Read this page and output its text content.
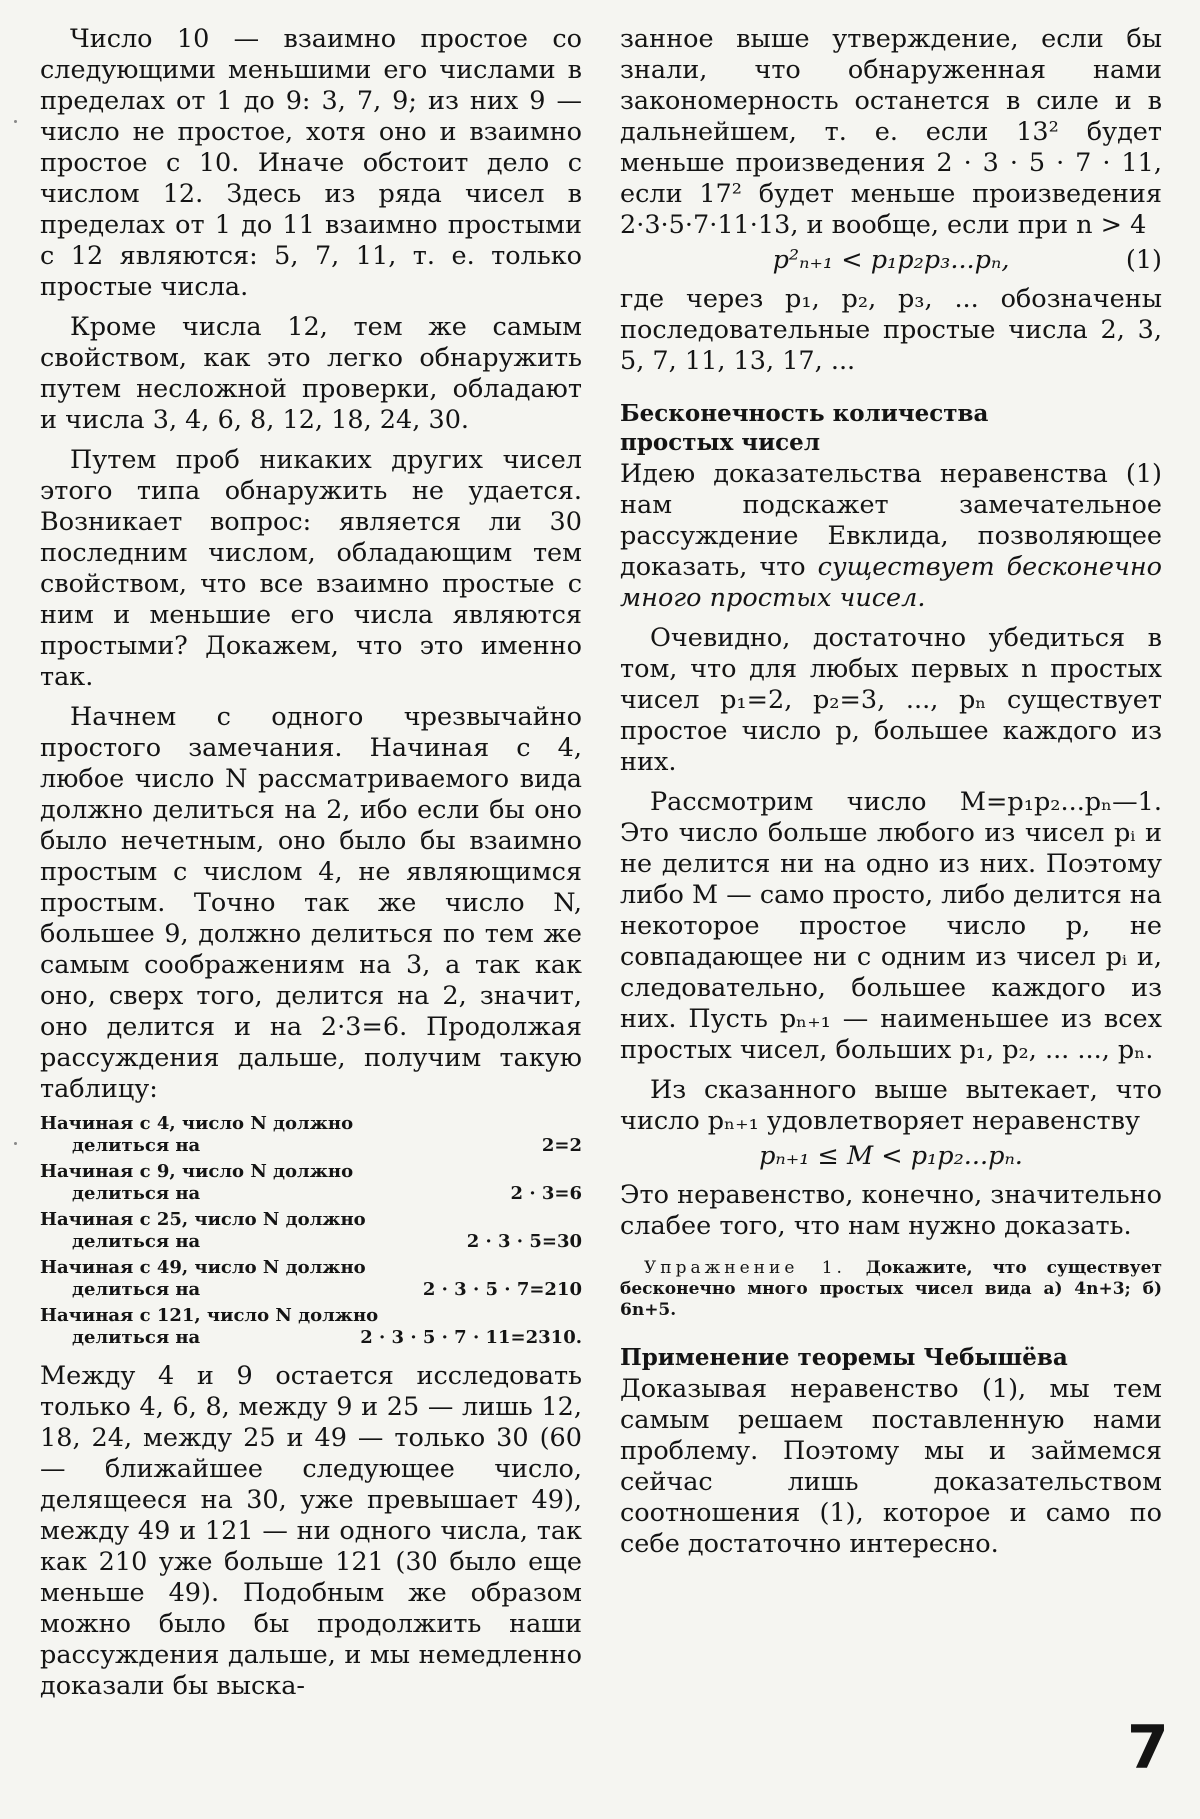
Число 10 — взаимно простое со следующими меньшими его числами в пределах от 1 до 9: 3, 7, 9; из них 9 — число не простое, хотя оно и взаимно простое с 10. Иначе обстоит дело с числом 12. Здесь из ряда чисел в пределах от 1 до 11 взаимно простыми с 12 являются: 5, 7, 11, т. е. только простые числа.

Кроме числа 12, тем же самым свойством, как это легко обнаружить путем несложной проверки, обладают и числа 3, 4, 6, 8, 12, 18, 24, 30.

Путем проб никаких других чисел этого типа обнаружить не удается. Возникает вопрос: является ли 30 последним числом, обладающим тем свойством, что все взаимно простые с ним и меньшие его числа являются простыми? Докажем, что это именно так.

Начнем с одного чрезвычайно простого замечания. Начиная с 4, любое число N рассматриваемого вида должно делиться на 2, ибо если бы оно было нечетным, оно было бы взаимно простым с числом 4, не являющимся простым. Точно так же число N, большее 9, должно делиться по тем же самым соображениям на 3, а так как оно, сверх того, делится на 2, значит, оно делится и на 2·3=6. Продолжая рассуждения дальше, получим такую таблицу:

Начиная с 4, число N должно
делиться на	2=2
Начиная с 9, число N должно
делиться на	2 · 3=6
Начиная с 25, число N должно
делиться на	2 · 3 · 5=30
Начиная с 49, число N должно
делиться на	2 · 3 · 5 · 7=210
Начиная с 121, число N должно
делиться на	2 · 3 · 5 · 7 · 11=2310.

Между 4 и 9 остается исследовать только 4, 6, 8, между 9 и 25 — лишь 12, 18, 24, между 25 и 49 — только 30 (60 — ближайшее следующее число, делящееся на 30, уже превышает 49), между 49 и 121 — ни одного числа, так как 210 уже больше 121 (30 было еще меньше 49). Подобным же образом можно было бы продолжить наши рассуждения дальше, и мы немедленно доказали бы выска-

занное выше утверждение, если бы знали, что обнаруженная нами закономерность останется в силе и в дальнейшем, т. е. если 13² будет меньше произведения 2 · 3 · 5 · 7 · 11, если 17² будет меньше произведения 2·3·5·7·11·13, и вообще, если при n > 4

p²ₙ₊₁ < p₁p₂p₃...pₙ,	(1)

где через p₁, p₂, p₃, ... обозначены последовательные простые числа 2, 3, 5, 7, 11, 13, 17, ...

Бесконечность количества
простых чисел

Идею доказательства неравенства (1) нам подскажет замечательное рассуждение Евклида, позволяющее доказать, что существует бесконечно много простых чисел.

Очевидно, достаточно убедиться в том, что для любых первых n простых чисел p₁=2, p₂=3, ..., pₙ существует простое число p, большее каждого из них.

Рассмотрим число M=p₁p₂...pₙ—1. Это число больше любого из чисел pᵢ и не делится ни на одно из них. Поэтому либо M — само просто, либо делится на некоторое простое число p, не совпадающее ни с одним из чисел pᵢ и, следовательно, большее каждого из них. Пусть pₙ₊₁ — наименьшее из всех простых чисел, больших p₁, p₂, ... ..., pₙ.

Из сказанного выше вытекает, что число pₙ₊₁ удовлетворяет неравенству

pₙ₊₁ ≤ M < p₁p₂...pₙ.

Это неравенство, конечно, значительно слабее того, что нам нужно доказать.

Упражнение 1. Докажите, что существует бесконечно много простых чисел вида а) 4n+3; б) 6n+5.
Применение теоремы Чебышёва

Доказывая неравенство (1), мы тем самым решаем поставленную нами проблему. Поэтому мы и займемся сейчас лишь доказательством соотношения (1), которое и само по себе достаточно интересно.

7
